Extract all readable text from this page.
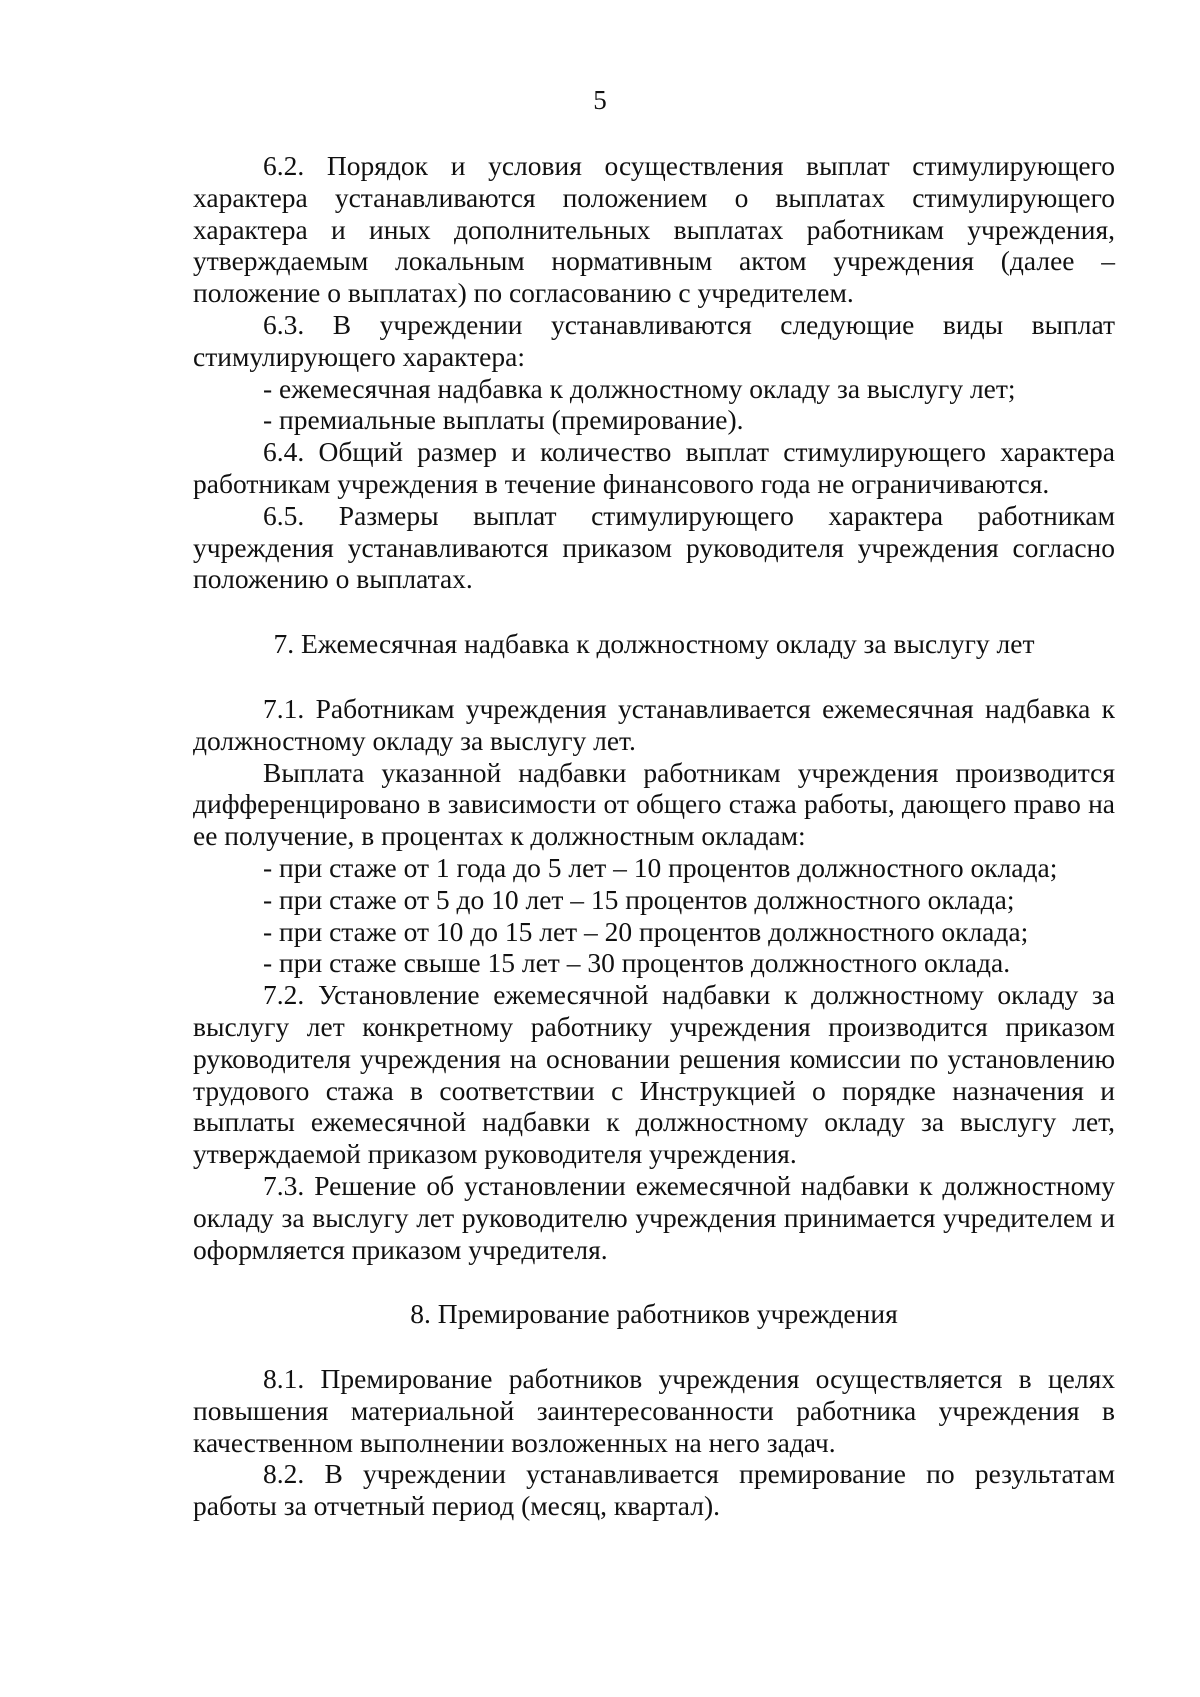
5

6.2. Порядок и условия осуществления выплат стимулирующего характера устанавливаются положением о выплатах стимулирующего характера и иных дополнительных выплатах работникам учреждения, утверждаемым локальным нормативным актом учреждения (далее – положение о выплатах) по согласованию с учредителем.

6.3. В учреждении устанавливаются следующие виды выплат стимулирующего характера:

- ежемесячная надбавка к должностному окладу за выслугу лет;

- премиальные выплаты (премирование).

6.4. Общий размер и количество выплат стимулирующего характера работникам учреждения в течение финансового года не ограничиваются.

6.5. Размеры выплат стимулирующего характера работникам учреждения устанавливаются приказом руководителя учреждения согласно положению о выплатах.

7. Ежемесячная надбавка к должностному окладу за выслугу лет

7.1. Работникам учреждения устанавливается ежемесячная надбавка к должностному окладу за выслугу лет.

Выплата указанной надбавки работникам учреждения производится дифференцировано в зависимости от общего стажа работы, дающего право на ее получение, в процентах к должностным окладам:

- при стаже от 1 года до 5 лет – 10 процентов должностного оклада;

- при стаже от 5 до 10 лет – 15 процентов должностного оклада;

- при стаже от 10 до 15 лет – 20 процентов должностного оклада;

- при стаже свыше 15 лет – 30 процентов должностного оклада.

7.2. Установление ежемесячной надбавки к должностному окладу за выслугу лет конкретному работнику учреждения производится приказом руководителя учреждения на основании решения комиссии по установлению трудового стажа в соответствии с Инструкцией о порядке назначения и выплаты ежемесячной надбавки к должностному окладу за выслугу лет, утверждаемой приказом руководителя учреждения.

7.3. Решение об установлении ежемесячной надбавки к должностному окладу за выслугу лет руководителю учреждения принимается учредителем и оформляется приказом учредителя.

8. Премирование работников учреждения

8.1. Премирование работников учреждения осуществляется в целях повышения материальной заинтересованности работника учреждения в качественном выполнении возложенных на него задач.

8.2. В учреждении устанавливается премирование по результатам работы за отчетный период (месяц, квартал).
